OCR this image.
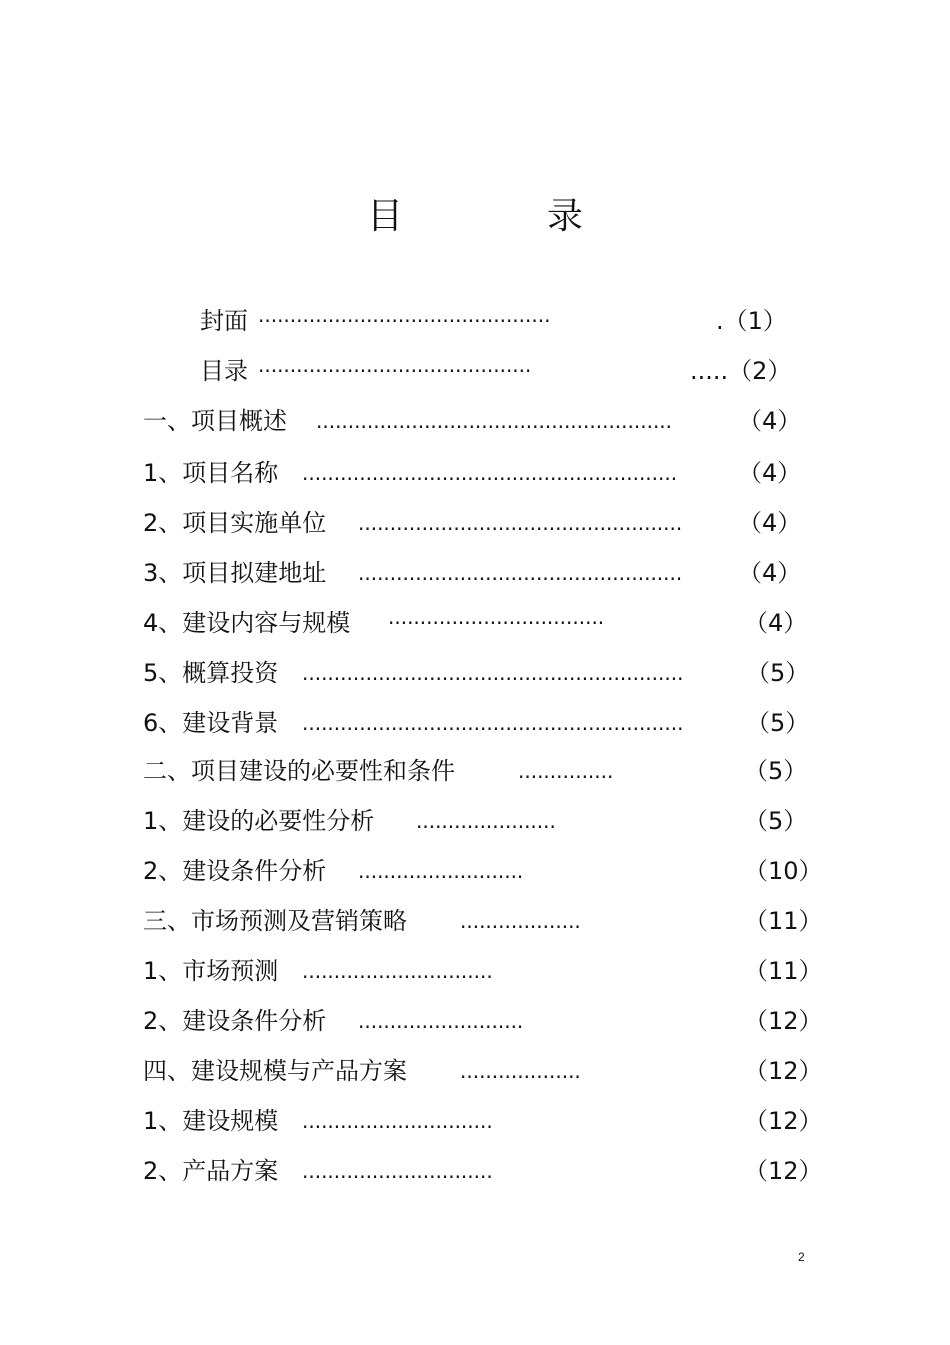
目　录
封面 ··············································	.（1）
目录 ···········································	.....（2）
一、项目概述 ........................................................	（4）
1、项目名称 ...........................................................	（4）
2、项目实施单位 ...................................................	（4）
3、项目拟建地址 ...................................................	（4）
4、建设内容与规模 ··································	（4）
5、概算投资 ............................................................	（5）
6、建设背景 ............................................................	（5）
二、项目建设的必要性和条件	...............	（5）
1、建设的必要性分析 ......................	（5）
2、建设条件分析 ..........................	（10）
三、市场预测及营销策略	...................	（11）
1、市场预测 ..............................	（11）
2、建设条件分析 ..........................	（12）
四、建设规模与产品方案	...................	（12）
1、建设规模 ..............................	（12）
2、产品方案 ..............................	（12）
2
